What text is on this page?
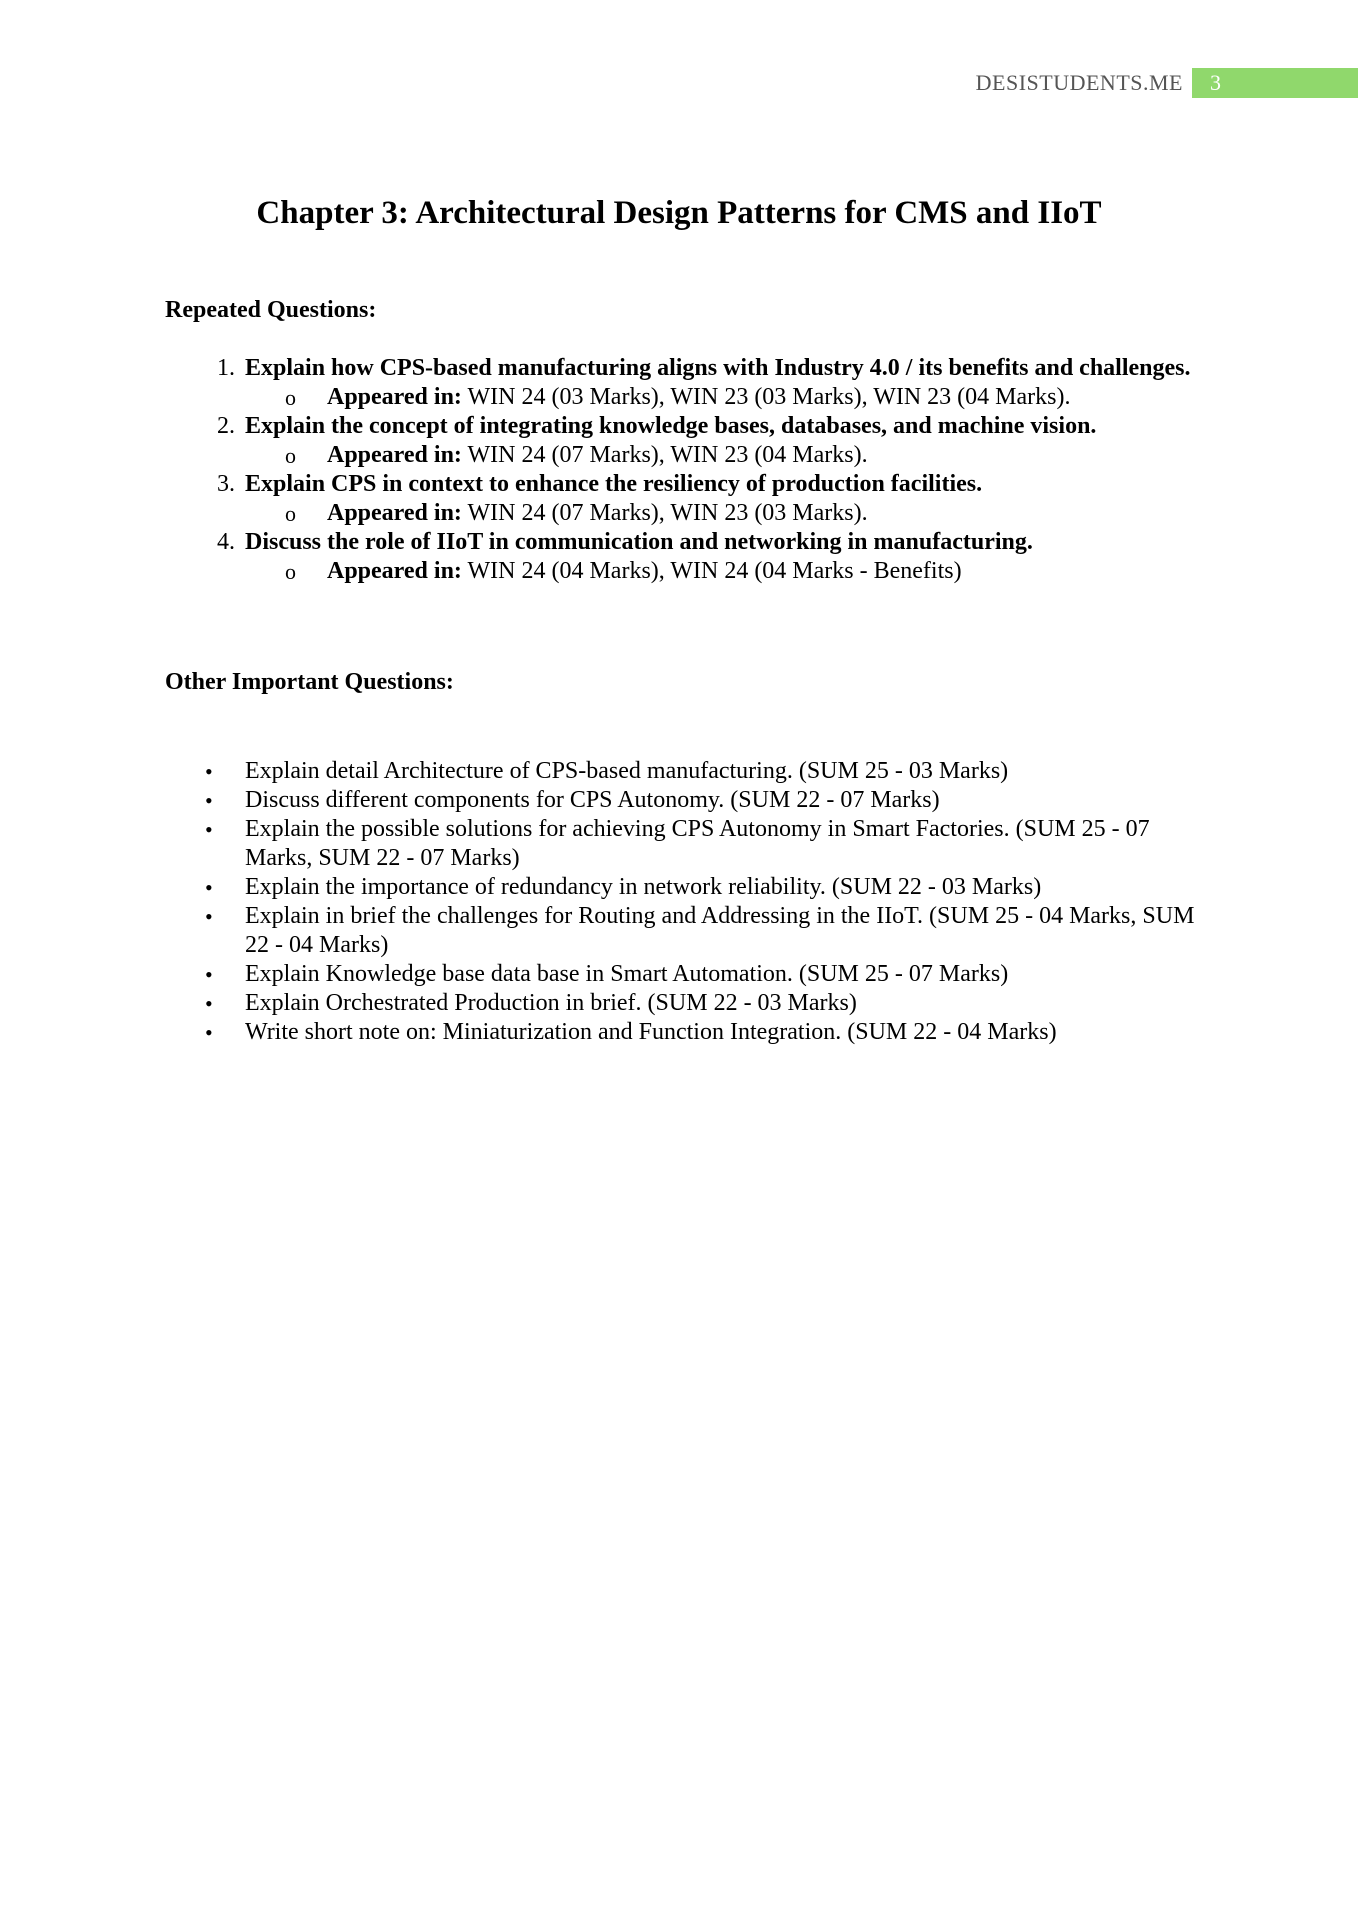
DESISTUDENTS.ME	3
Chapter 3: Architectural Design Patterns for CMS and IIoT
Repeated Questions:
1. Explain how CPS-based manufacturing aligns with Industry 4.0 / its benefits and challenges.
o	Appeared in: WIN 24 (03 Marks), WIN 23 (03 Marks), WIN 23 (04 Marks).
2. Explain the concept of integrating knowledge bases, databases, and machine vision.
o	Appeared in: WIN 24 (07 Marks), WIN 23 (04 Marks).
3. Explain CPS in context to enhance the resiliency of production facilities.
o	Appeared in: WIN 24 (07 Marks), WIN 23 (03 Marks).
4. Discuss the role of IIoT in communication and networking in manufacturing.
o	Appeared in: WIN 24 (04 Marks), WIN 24 (04 Marks - Benefits)
Other Important Questions:
•	Explain detail Architecture of CPS-based manufacturing. (SUM 25 - 03 Marks)
•	Discuss different components for CPS Autonomy. (SUM 22 - 07 Marks)
•	Explain the possible solutions for achieving CPS Autonomy in Smart Factories. (SUM 25 - 07 Marks, SUM 22 - 07 Marks)
•	Explain the importance of redundancy in network reliability. (SUM 22 - 03 Marks)
•	Explain in brief the challenges for Routing and Addressing in the IIoT. (SUM 25 - 04 Marks, SUM 22 - 04 Marks)
•	Explain Knowledge base data base in Smart Automation. (SUM 25 - 07 Marks)
•	Explain Orchestrated Production in brief. (SUM 22 - 03 Marks)
•	Write short note on: Miniaturization and Function Integration. (SUM 22 - 04 Marks)
